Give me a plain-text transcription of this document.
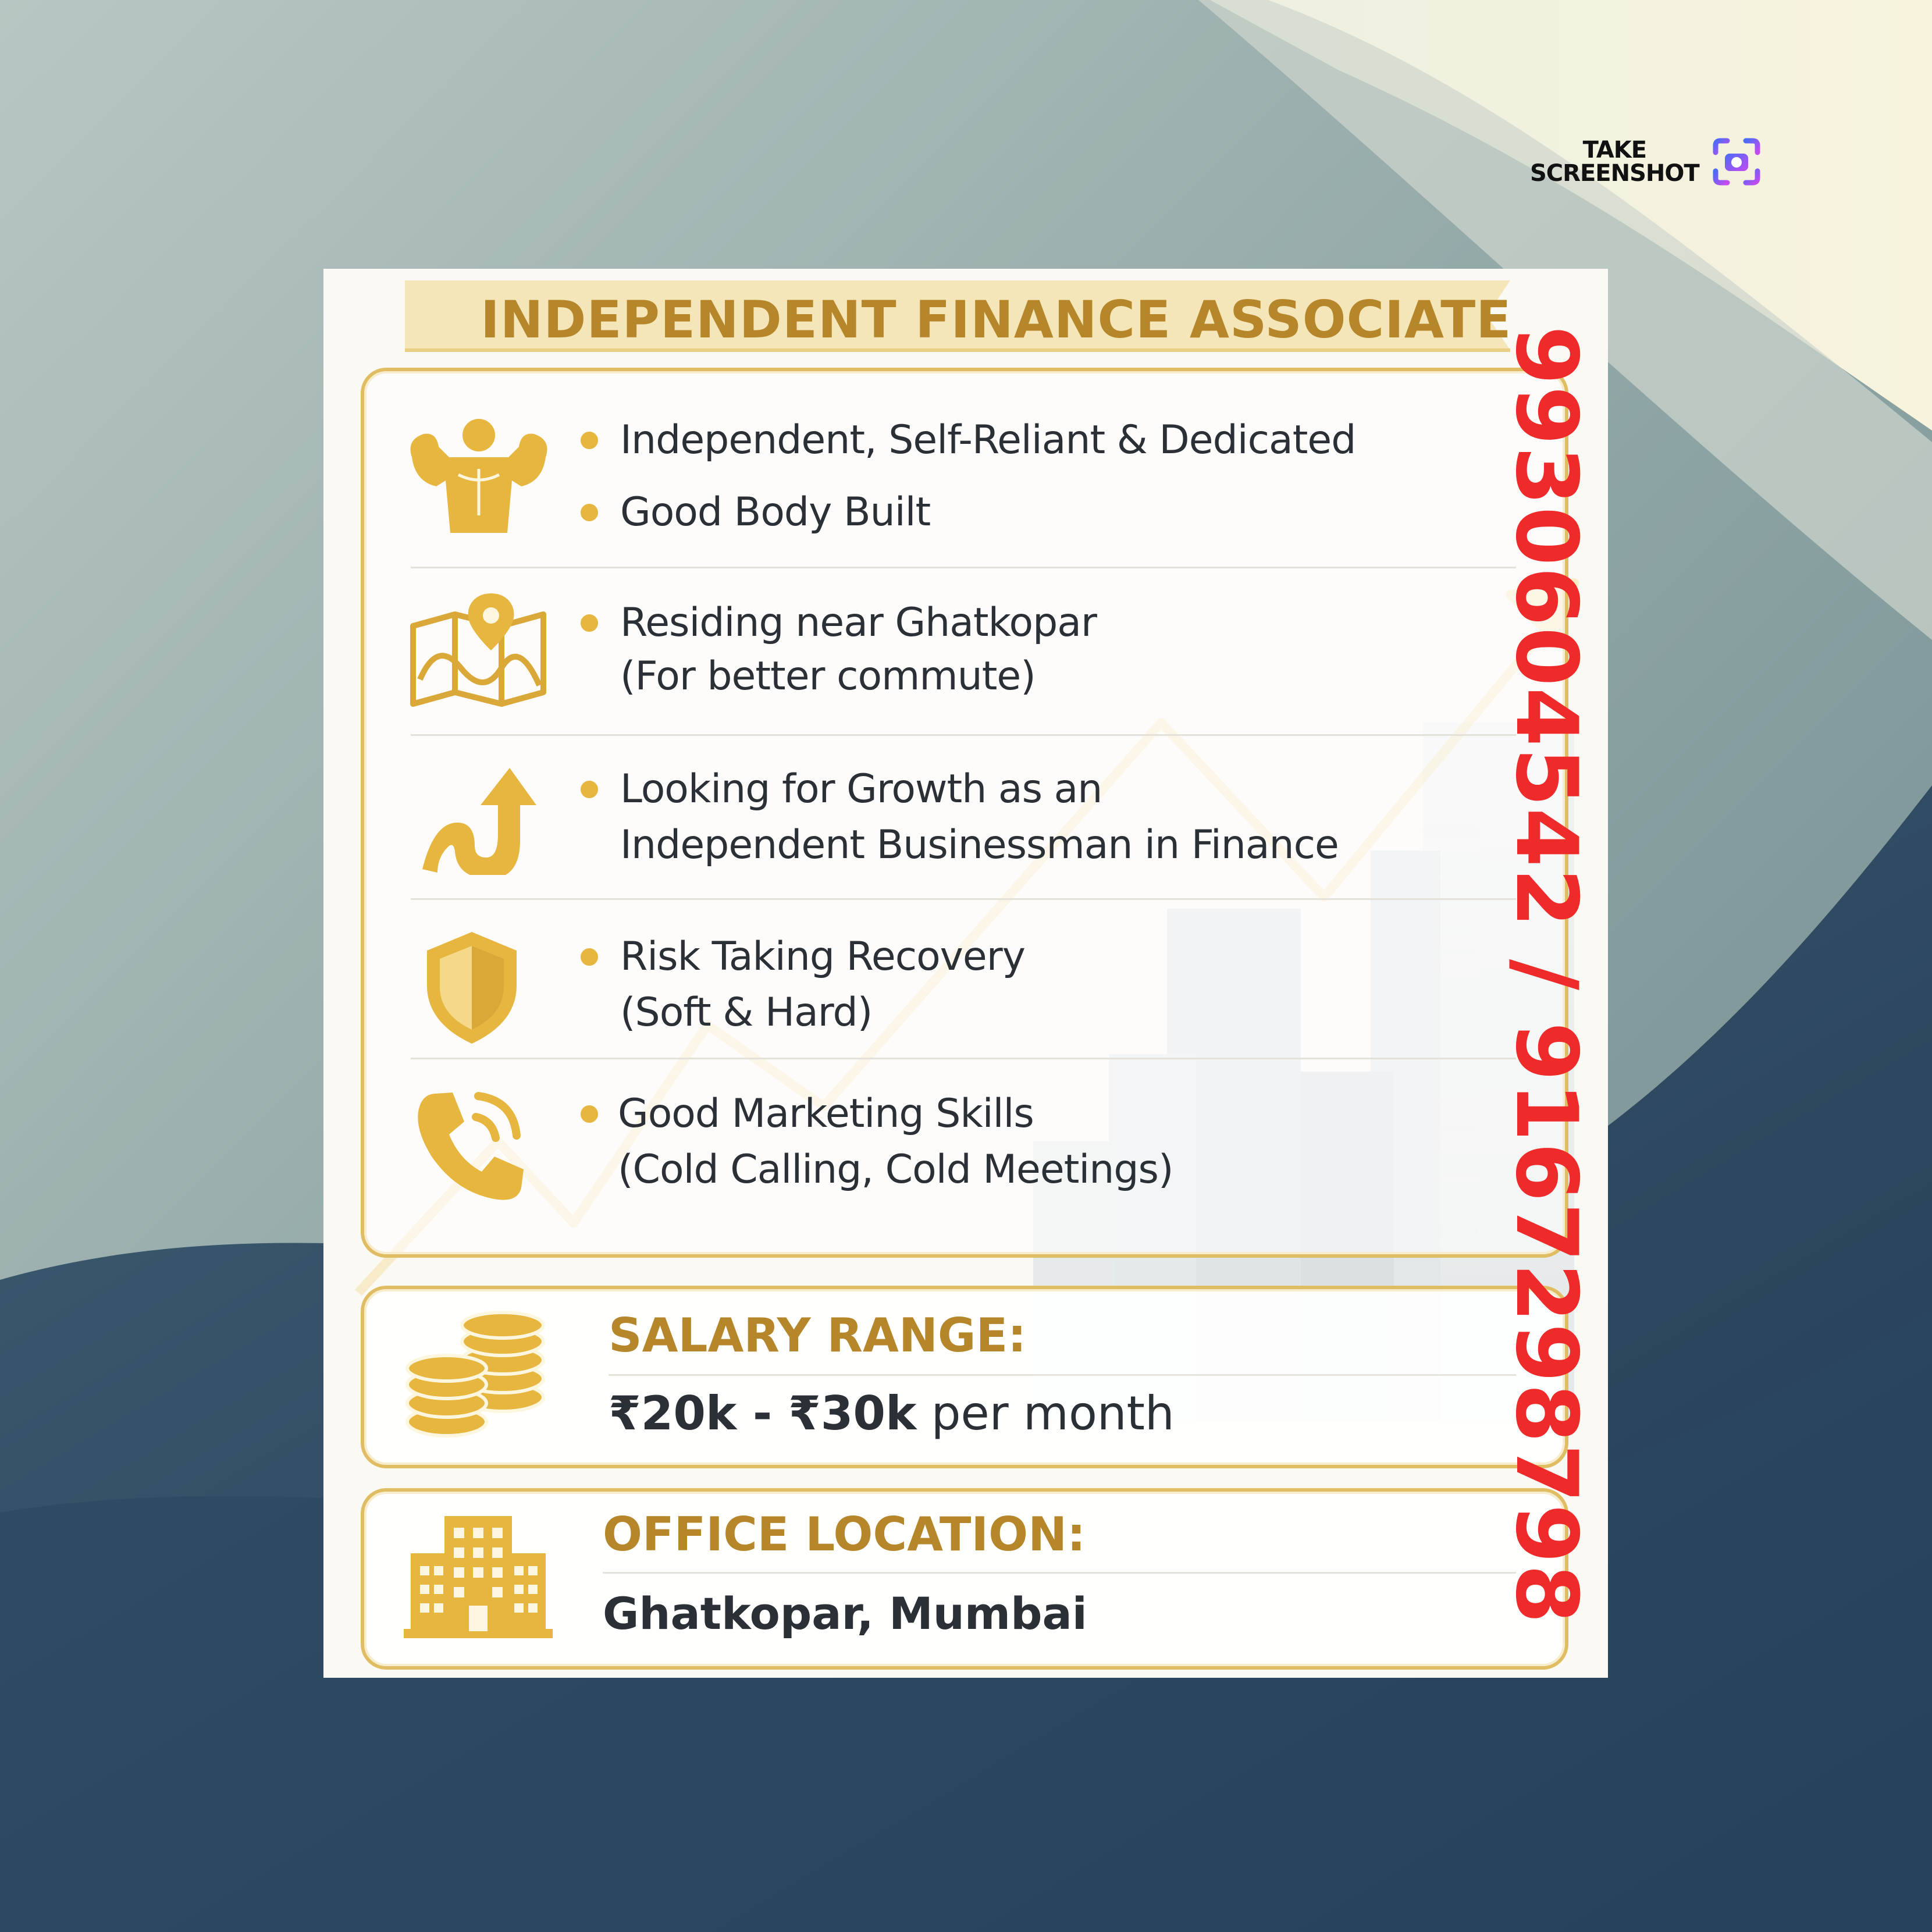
TAKE
SCREENSHOT
INDEPENDENT FINANCE ASSOCIATE
Independent, Self-Reliant & Dedicated
Good Body Built
Residing near Ghatkopar
(For better commute)
Looking for Growth as an
Independent Businessman in Finance
Risk Taking Recovery
(Soft & Hard)
Good Marketing Skills
(Cold Calling, Cold Meetings)
SALARY RANGE:
₹20k - ₹30k per month
OFFICE LOCATION:
Ghatkopar, Mumbai	9930604542 / 9167298798
